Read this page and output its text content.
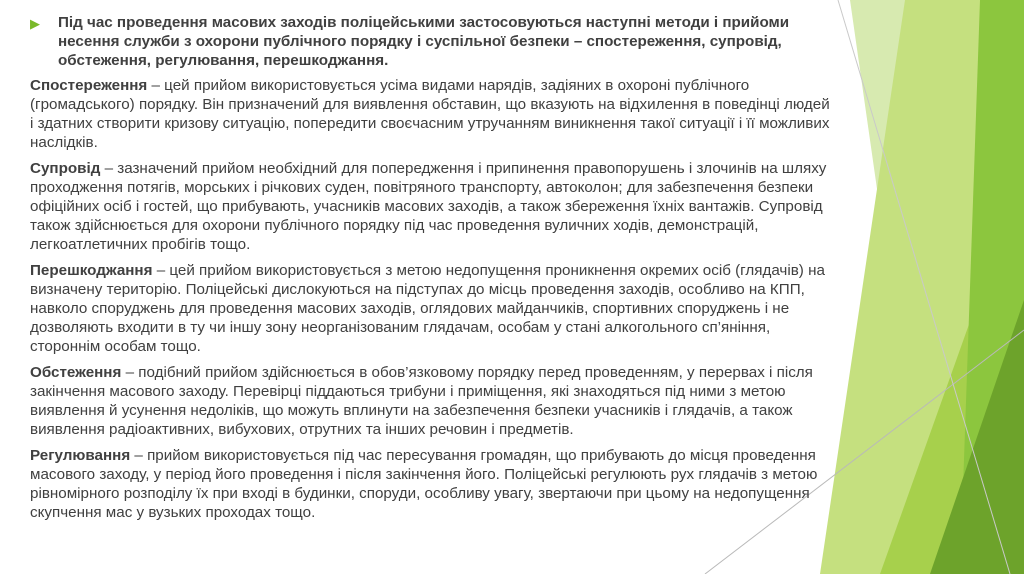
▶	Під час проведення масових заходів поліцейськими застосовуються наступні методи і прийоми несення служби з охорони публічного порядку і суспільної безпеки – спостереження, супровід, обстеження, регулювання, перешкоджання.

Спостереження – цей прийом використовується усіма видами нарядів, задіяних в охороні публічного (громадського) порядку. Він призначений для виявлення обставин, що вказують на відхилення в поведінці людей і здатних створити кризову ситуацію, попередити своєчасним утручанням виникнення такої ситуації і її можливих наслідків.

Супровід – зазначений прийом необхідний для попередження і припинення правопорушень і злочинів на шляху проходження потягів, морських і річкових суден, повітряного транспорту, автоколон; для забезпечення безпеки офіційних осіб і гостей, що прибувають, учасників масових заходів, а також збереження їхніх вантажів. Супровід також здійснюється для охорони публічного порядку під час проведення вуличних ходів, демонстрацій, легкоатлетичних пробігів тощо.

Перешкоджання – цей прийом використовується з метою недопущення проникнення окремих осіб (глядачів) на визначену територію. Поліцейські дислокуються на підступах до місць проведення заходів, особливо на КПП, навколо споруджень для проведення масових заходів, оглядових майданчиків, спортивних споруджень і не дозволяють входити в ту чи іншу зону неорганізованим глядачам, особам у стані алкогольного сп’яніння, стороннім особам тощо.

Обстеження – подібний прийом здійснюється в обов’язковому порядку перед проведенням, у перервах і після закінчення масового заходу. Перевірці піддаються трибуни і приміщення, які знаходяться під ними з метою виявлення й усунення недоліків, що можуть вплинути на забезпечення безпеки учасників і глядачів, а також виявлення радіоактивних, вибухових, отрутних та інших речовин і предметів.

Регулювання – прийом використовується під час пересування громадян, що прибувають до місця проведення масового заходу, у період його проведення і після закінчення його. Поліцейські регулюють рух глядачів з метою рівномірного розподілу їх при вході в будинки, споруди, особливу увагу, звертаючи при цьому на недопущення скупчення мас у вузьких проходах тощо.
